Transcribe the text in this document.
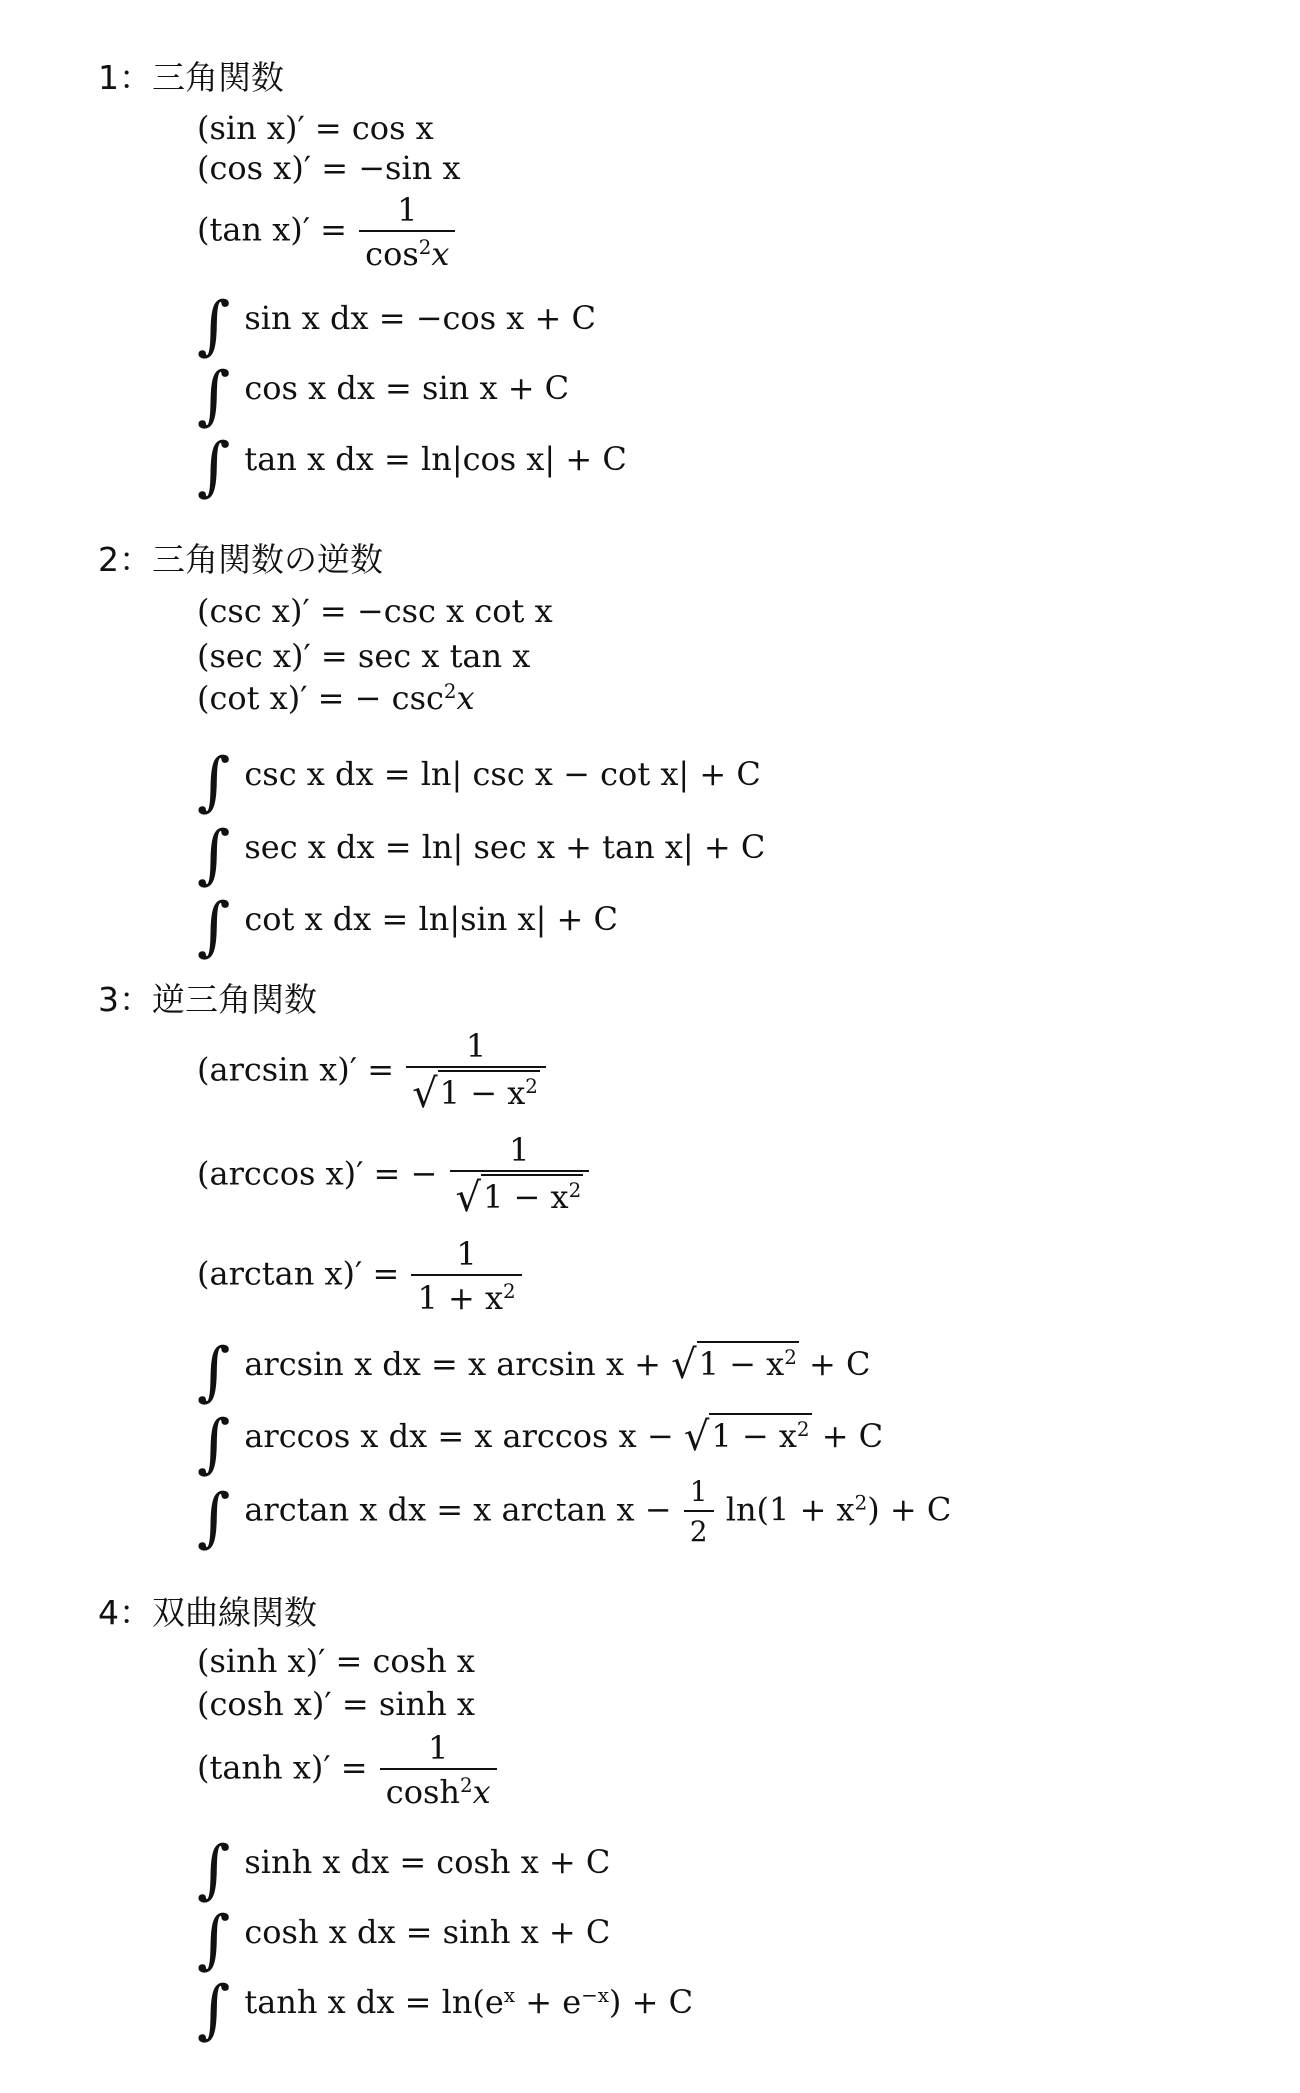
1：三角関数
(sin x)′ = cos x
(cos x)′ = −sin x
(tan $x)' = \frac{1}{\cos^2x}$
∫ sin x dx = −cos x + C
∫ cos x dx = sin x + C
∫ tan x dx = ln|cos x| + C
2：三角関数の逆数
(csc x)′ = −csc x cot x
(sec x)′ = sec x tan x
(cot x)′ = − $\csc^2x$
∫ csc x dx = ln| csc x − cot x| + C
∫ sec x dx = ln| sec x + tan x| + C
∫ cot x dx = ln|sin x| + C
3：逆三角関数
(arcsin $x)' = \frac{1}{√1 - x^2}$
(arccos x)′ = − $\frac{1}{√1 - x^2}$
(arctan $x)' = \frac{1}{1 + x^2}$
∫ arcsin x dx = x $\arcsin x + √1 - x^2 + C$
∫ arccos x dx = x $\arccos x - √1 - x^2 + C$
∫ arctan x dx = x $\arctan x - \frac{1}{2} \ln(1 + x^2) + C$
4：双曲線関数
(sinh x)′ = cosh x
(cosh x)′ = sinh x
(tanh $x)' = \frac{1}{\cosh^2x}$
∫ sinh x dx = cosh x + C
∫ cosh x dx = sinh x + C
∫ tanh x dx = $\ln(e^x + e^{-x}) + C$
